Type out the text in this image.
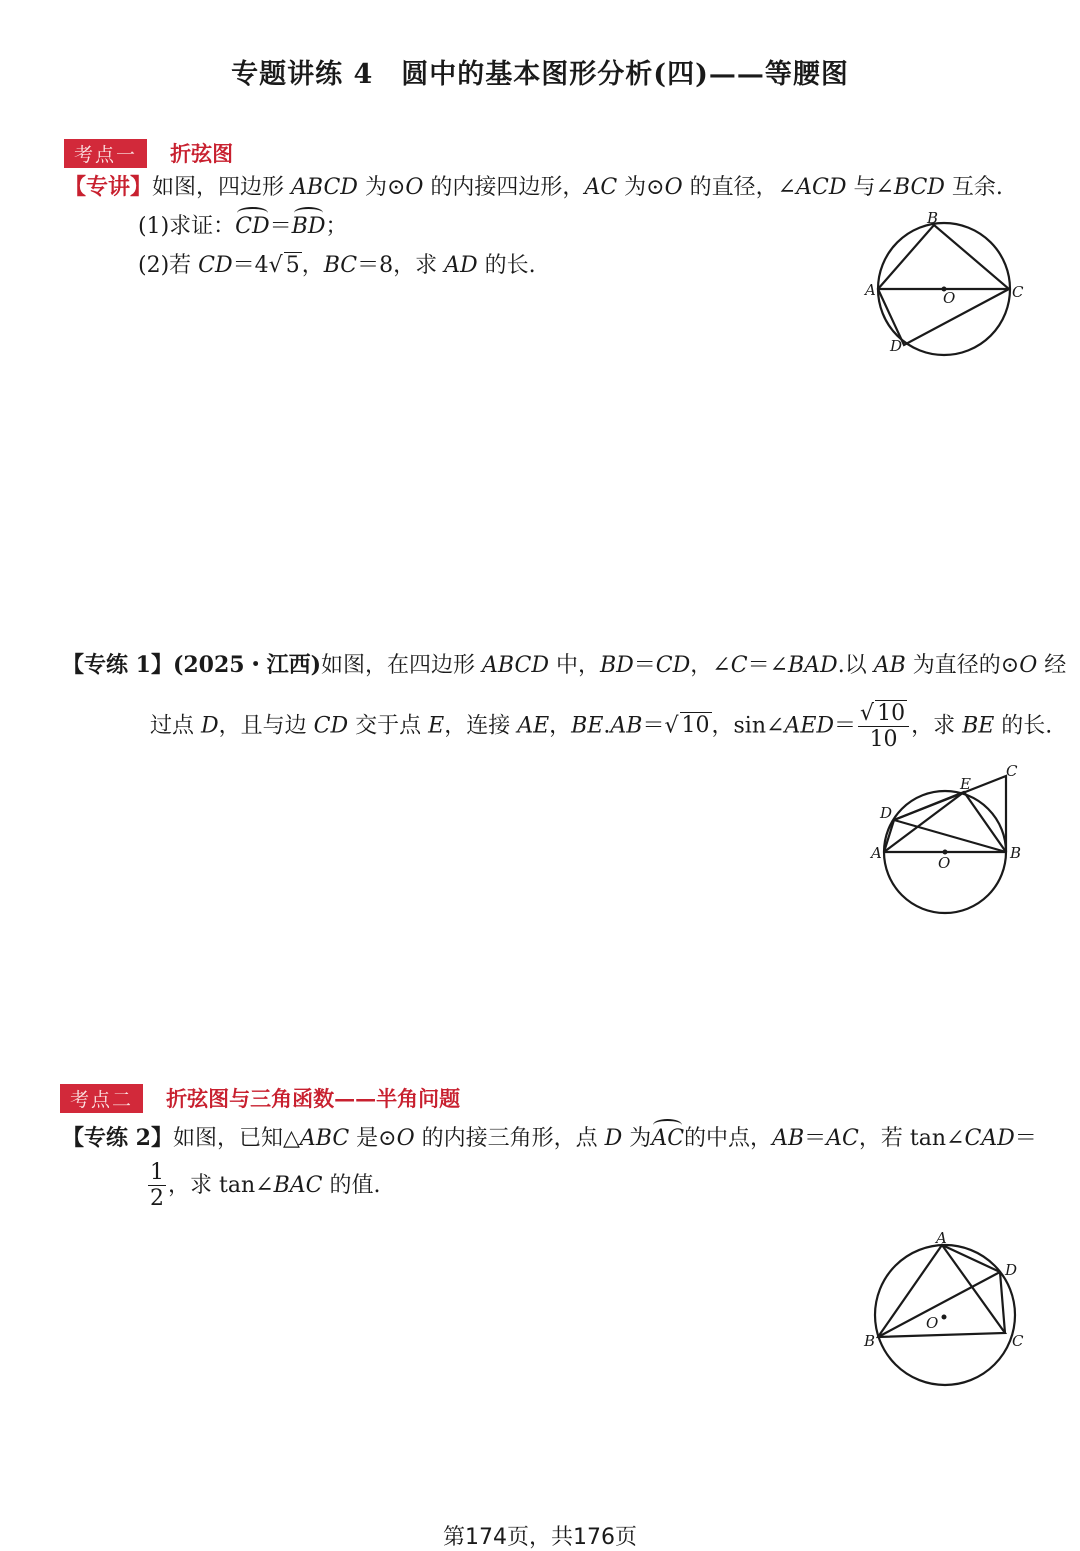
专题讲练 4　圆中的基本图形分析(四)——等腰图
考点一 折弦图
【专讲】如图，四边形 ABCD 为⊙O 的内接四边形，AC 为⊙O 的直径，∠ACD 与∠BCD 互余.
(1)求证：CD＝BD；
(2)若 CD＝4√ 5，BC＝8，求 AD 的长.
B
A	C
D
O
【专练 1】(2025・江西)如图，在四边形 ABCD 中，BD＝CD，∠C＝∠BAD.以 AB 为直径的⊙O 经
过点 D，且与边 CD 交于点 E，连接 AE，BE.AB＝√ 10，sin∠AED＝ $\frac{√ 10}{10}$ ，求 BE 的长.
A	B
C
D
E
O
考点二 折弦图与三角函数——半角问题
【专练 2】如图，已知△ABC 是⊙O 的内接三角形，点 D 为AC的中点，AB＝AC，若 tan∠CAD＝
$\frac{1}{2}$ ，求 tan∠BAC 的值.
A
B	C
D
O
第174页，共176页
